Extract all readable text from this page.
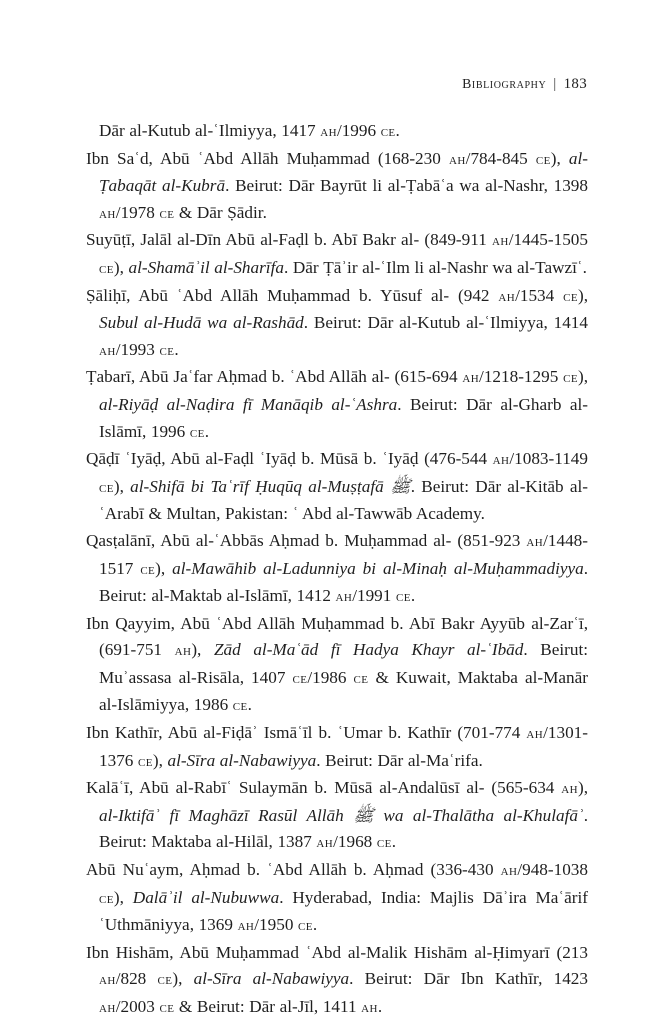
Bibliography | 183

Dār al-Kutub al-ʿIlmiyya, 1417 ah/1996 ce.

Ibn Saʿd, Abū ʿAbd Allāh Muḥammad (168-230 ah/784-845 ce), al-Ṭabaqāt al-Kubrā. Beirut: Dār Bayrūt li al-Ṭabāʿa wa al-Nashr, 1398 ah/1978 ce & Dār Ṣādir.

Suyūṭī, Jalāl al-Dīn Abū al-Faḍl b. Abī Bakr al- (849-911 ah/1445-1505 ce), al-Shamāʾil al-Sharīfa. Dār Ṭāʾir al-ʿIlm li al-Nashr wa al-Tawzīʿ.

Ṣāliḥī, Abū ʿAbd Allāh Muḥammad b. Yūsuf al- (942 ah/1534 ce), Subul al-Hudā wa al-Rashād. Beirut: Dār al-Kutub al-ʿIlmiyya, 1414 ah/1993 ce.

Ṭabarī, Abū Jaʿfar Aḥmad b. ʿAbd Allāh al- (615-694 ah/1218-1295 ce), al-Riyāḍ al-Naḍira fī Manāqib al-ʿAshra. Beirut: Dār al-Gharb al-Islāmī, 1996 ce.

Qāḍī ʿIyāḍ, Abū al-Faḍl ʿIyāḍ b. Mūsā b. ʿIyāḍ (476-544 ah/1083-1149 ce), al-Shifā bi Taʿrīf Ḥuqūq al-Muṣṭafā ﷺ. Beirut: Dār al-Kitāb al-ʿArabī & Multan, Pakistan: ʿ Abd al-Tawwāb Academy.

Qasṭalānī, Abū al-ʿAbbās Aḥmad b. Muḥammad al- (851-923 ah/1448-1517 ce), al-Mawāhib al-Ladunniya bi al-Minaḥ al-Muḥammadiyya. Beirut: al-Maktab al-Islāmī, 1412 ah/1991 ce.

Ibn Qayyim, Abū ʿAbd Allāh Muḥammad b. Abī Bakr Ayyūb al-Zarʿī, (691-751 ah), Zād al-Maʿād fī Hadya Khayr al-ʿIbād. Beirut: Muʾassasa al-Risāla, 1407 ce/1986 ce & Kuwait, Maktaba al-Manār al-Islāmiyya, 1986 ce.

Ibn Kathīr, Abū al-Fiḍāʾ Ismāʿīl b. ʿUmar b. Kathīr (701-774 ah/1301-1376 ce), al-Sīra al-Nabawiyya. Beirut: Dār al-Maʿrifa.

Kalāʿī, Abū al-Rabīʿ Sulaymān b. Mūsā al-Andalūsī al- (565-634 ah), al-Iktifāʾ fī Maghāzī Rasūl Allāh ﷺ wa al-Thalātha al-Khulafāʾ. Beirut: Maktaba al-Hilāl, 1387 ah/1968 ce.

Abū Nuʿaym, Aḥmad b. ʿAbd Allāh b. Aḥmad (336-430 ah/948-1038 ce), Dalāʾil al-Nubuwwa. Hyderabad, India: Majlis Dāʾira Maʿārif ʿUthmāniyya, 1369 ah/1950 ce.

Ibn Hishām, Abū Muḥammad ʿAbd al-Malik Hishām al-Ḥimyarī (213 ah/828 ce), al-Sīra al-Nabawiyya. Beirut: Dār Ibn Kathīr, 1423 ah/2003 ce & Beirut: Dār al-Jīl, 1411 ah.
